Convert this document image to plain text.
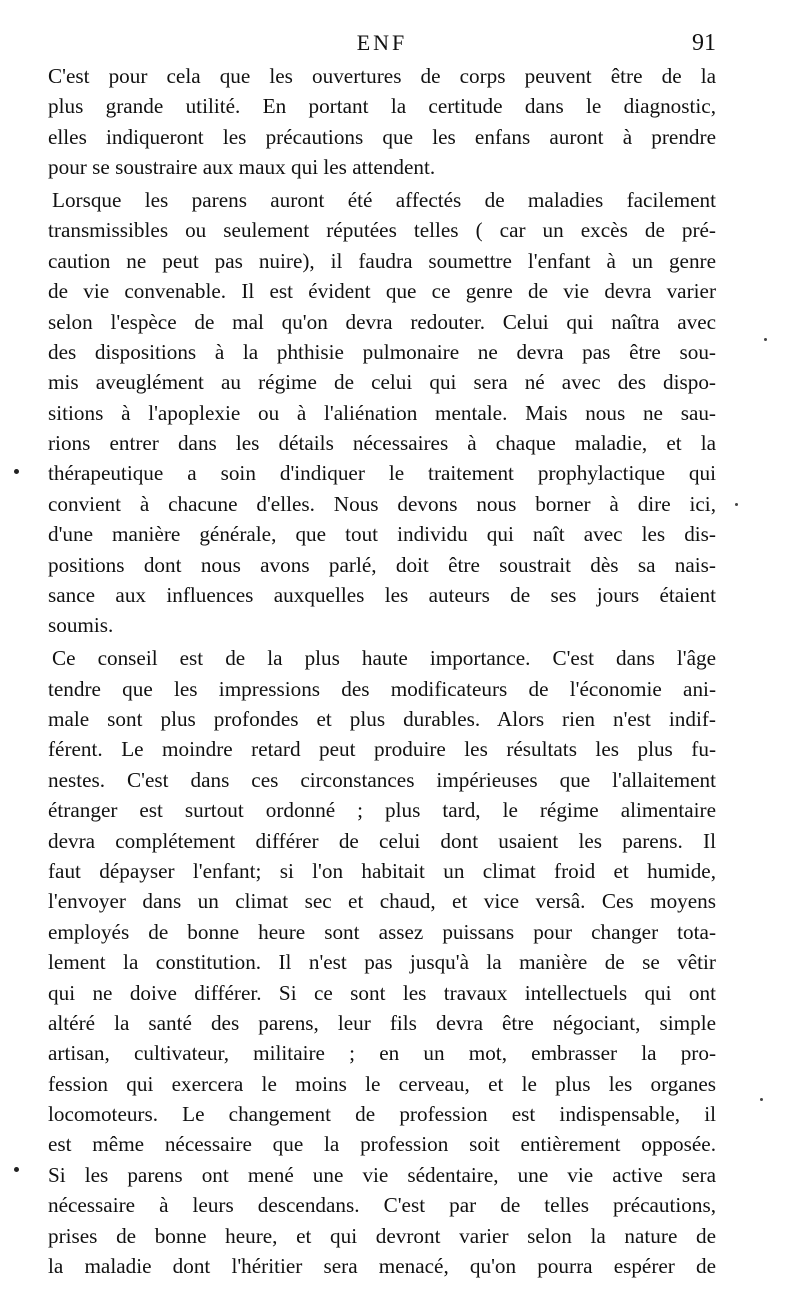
ENF	91
C'est pour cela que les ouvertures de corps peuvent être de la
plus grande utilité. En portant la certitude dans le diagnostic,
elles indiqueront les précautions que les enfans auront à prendre
pour se soustraire aux maux qui les attendent.
Lorsque les parens auront été affectés de maladies facilement
transmissibles ou seulement réputées telles ( car un excès de pré-
caution ne peut pas nuire), il faudra soumettre l'enfant à un genre
de vie convenable. Il est évident que ce genre de vie devra varier
selon l'espèce de mal qu'on devra redouter. Celui qui naîtra avec
des dispositions à la phthisie pulmonaire ne devra pas être sou-
mis aveuglément au régime de celui qui sera né avec des dispo-
sitions à l'apoplexie ou à l'aliénation mentale. Mais nous ne sau-
rions entrer dans les détails nécessaires à chaque maladie, et la
thérapeutique a soin d'indiquer le traitement prophylactique qui
convient à chacune d'elles. Nous devons nous borner à dire ici,
d'une manière générale, que tout individu qui naît avec les dis-
positions dont nous avons parlé, doit être soustrait dès sa nais-
sance aux influences auxquelles les auteurs de ses jours étaient
soumis.
Ce conseil est de la plus haute importance. C'est dans l'âge
tendre que les impressions des modificateurs de l'économie ani-
male sont plus profondes et plus durables. Alors rien n'est indif-
férent. Le moindre retard peut produire les résultats les plus fu-
nestes. C'est dans ces circonstances impérieuses que l'allaitement
étranger est surtout ordonné ; plus tard, le régime alimentaire
devra complétement différer de celui dont usaient les parens. Il
faut dépayser l'enfant; si l'on habitait un climat froid et humide,
l'envoyer dans un climat sec et chaud, et vice versâ. Ces moyens
employés de bonne heure sont assez puissans pour changer tota-
lement la constitution. Il n'est pas jusqu'à la manière de se vêtir
qui ne doive différer. Si ce sont les travaux intellectuels qui ont
altéré la santé des parens, leur fils devra être négociant, simple
artisan, cultivateur, militaire ; en un mot, embrasser la pro-
fession qui exercera le moins le cerveau, et le plus les organes
locomoteurs. Le changement de profession est indispensable, il
est même nécessaire que la profession soit entièrement opposée.
Si les parens ont mené une vie sédentaire, une vie active sera
nécessaire à leurs descendans. C'est par de telles précautions,
prises de bonne heure, et qui devront varier selon la nature de
la maladie dont l'héritier sera menacé, qu'on pourra espérer de
